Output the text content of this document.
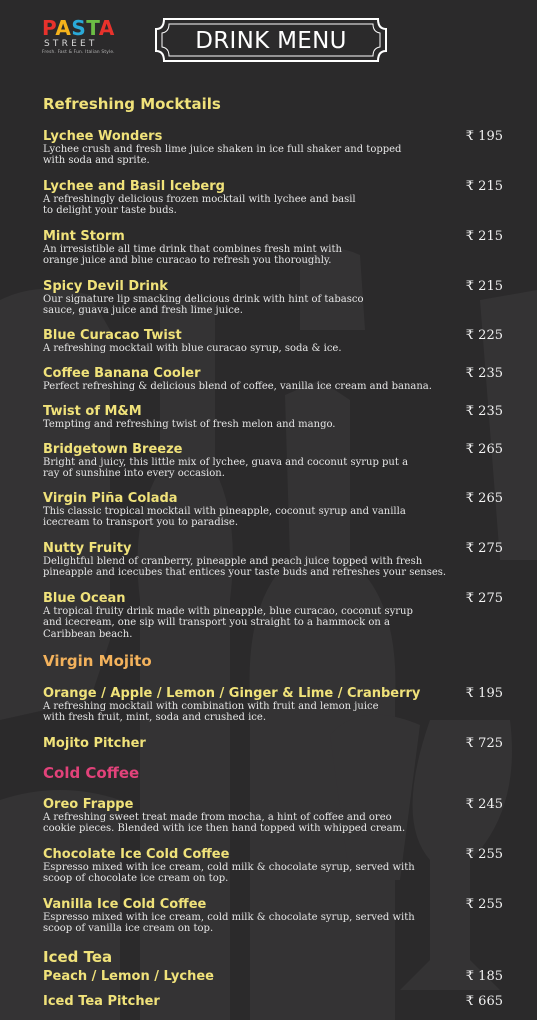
PASTA
STREET
Fresh. Fast & Fun. Italian Style.	DRINK MENU
Refreshing Mocktails
Lychee Wonders
Lychee crush and fresh lime juice shaken in ice full shaker and topped
with soda and sprite.
₹ 195
Lychee and Basil Iceberg
A refreshingly delicious frozen mocktail with lychee and basil
to delight your taste buds.
₹ 215
Mint Storm
An irresistible all time drink that combines fresh mint with
orange juice and blue curacao to refresh you thoroughly.
₹ 215
Spicy Devil Drink
Our signature lip smacking delicious drink with hint of tabasco
sauce, guava juice and fresh lime juice.
₹ 215
Blue Curacao Twist
A refreshing mocktail with blue curacao syrup, soda & ice.
₹ 225
Coffee Banana Cooler
Perfect refreshing & delicious blend of coffee, vanilla ice cream and banana.
₹ 235
Twist of M&M
Tempting and refreshing twist of fresh melon and mango.
₹ 235
Bridgetown Breeze
Bright and juicy, this little mix of lychee, guava and coconut syrup put a
ray of sunshine into every occasion.
₹ 265
Virgin Piña Colada
This classic tropical mocktail with pineapple, coconut syrup and vanilla
icecream to transport you to paradise.
₹ 265
Nutty Fruity
Delightful blend of cranberry, pineapple and peach juice topped with fresh
pineapple and icecubes that entices your taste buds and refreshes your senses.
₹ 275
Blue Ocean
A tropical fruity drink made with pineapple, blue curacao, coconut syrup
and icecream, one sip will transport you straight to a hammock on a
Caribbean beach.
₹ 275
Virgin Mojito
Orange / Apple / Lemon / Ginger & Lime / Cranberry
A refreshing mocktail with combination with fruit and lemon juice
with fresh fruit, mint, soda and crushed ice.
₹ 195
Mojito Pitcher	₹ 725
Cold Coffee
Oreo Frappe
A refreshing sweet treat made from mocha, a hint of coffee and oreo
cookie pieces. Blended with ice then hand topped with whipped cream.
₹ 245
Chocolate Ice Cold Coffee
Espresso mixed with ice cream, cold milk & chocolate syrup, served with
scoop of chocolate ice cream on top.
₹ 255
Vanilla Ice Cold Coffee
Espresso mixed with ice cream, cold milk & chocolate syrup, served with
scoop of vanilla ice cream on top.
₹ 255
Iced Tea
Peach / Lemon / Lychee	₹ 185
Iced Tea Pitcher	₹ 665
